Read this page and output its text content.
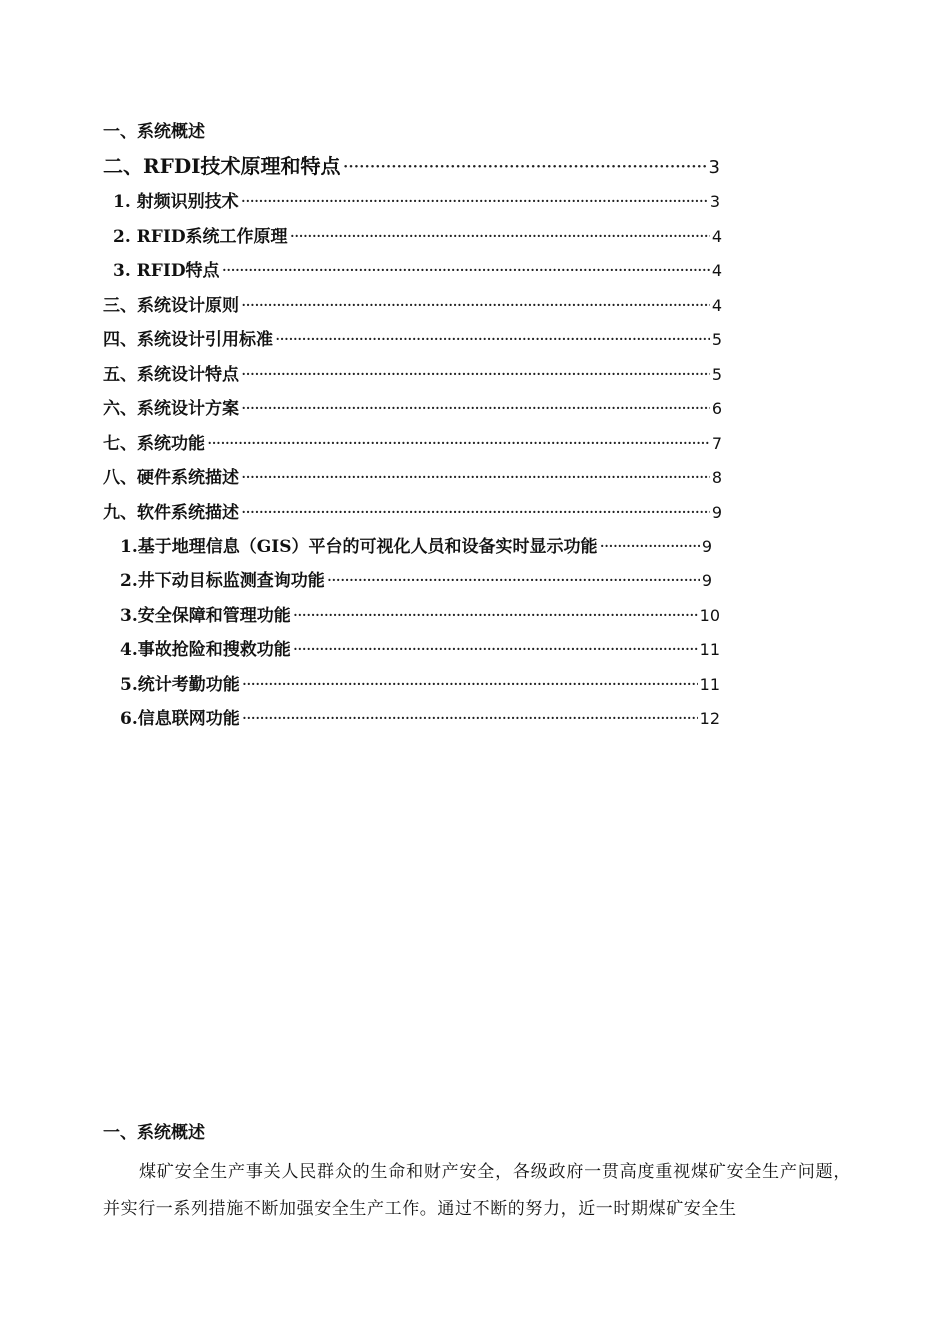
一、系统概述
二、RFDI技术原理和特点 ·····	3
1. 射频识别技术 ·····	3
2. RFID系统工作原理 ·····	4
3. RFID特点 ·····	4
三、系统设计原则 ·····	4
四、系统设计引用标准 ·····	5
五、系统设计特点 ·····	5
六、系统设计方案 ·····	6
七、系统功能 ·····	7
八、硬件系统描述 ·····	8
九、软件系统描述 ·····	9
1.基于地理信息（GIS）平台的可视化人员和设备实时显示功能 ·····	9
2.井下动目标监测查询功能 ·····	9
3.安全保障和管理功能 ·····	10
4.事故抢险和搜救功能 ·····	11
5.统计考勤功能 ·····	11
6.信息联网功能 ·····	12
一、系统概述

煤矿安全生产事关人民群众的生命和财产安全，各级政府一贯高度重视煤矿安全生产问题，并实行一系列措施不断加强安全生产工作。通过不断的努力，近一时期煤矿安全生
